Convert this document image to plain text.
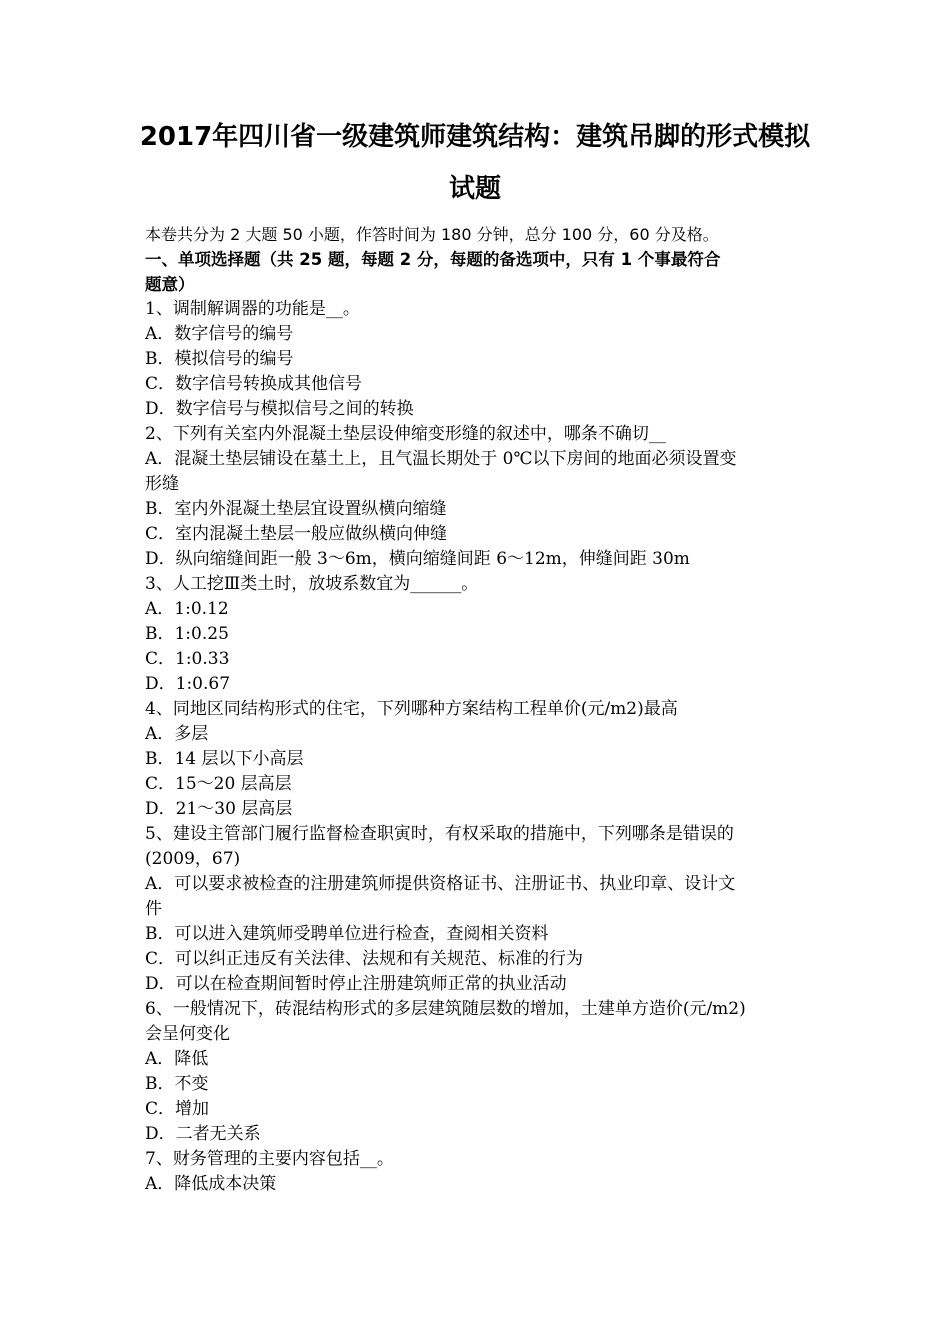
2017年四川省一级建筑师建筑结构：建筑吊脚的形式模拟
试题
本卷共分为 2 大题 50 小题，作答时间为 180 分钟，总分 100 分，60 分及格。
一、单项选择题（共 25 题，每题 2 分，每题的备选项中，只有 1 个事最符合
题意）
1、调制解调器的功能是__。
A．数字信号的编号
B．模拟信号的编号
C．数字信号转换成其他信号
D．数字信号与模拟信号之间的转换
2、下列有关室内外混凝土垫层设伸缩变形缝的叙述中，哪条不确切__
A．混凝土垫层铺设在墓土上，且气温长期处于 0℃以下房间的地面必须设置变
形缝
B．室内外混凝土垫层宜设置纵横向缩缝
C．室内混凝土垫层一般应做纵横向伸缝
D．纵向缩缝间距一般 3～6m，横向缩缝间距 6～12m，伸缝间距 30m
3、人工挖Ⅲ类土时，放坡系数宜为______。
A．1:0.12
B．1:0.25
C．1:0.33
D．1:0.67
4、同地区同结构形式的住宅，下列哪种方案结构工程单价(元/m2)最高
A．多层
B．14 层以下小高层
C．15～20 层高层
D．21～30 层高层
5、建设主管部门履行监督检查职寅时，有权采取的措施中，下列哪条是错误的
(2009，67)
A．可以要求被检查的注册建筑师提供资格证书、注册证书、执业印章、设计文
件
B．可以进入建筑师受聘单位进行检查，查阅相关资料
C．可以纠正违反有关法律、法规和有关规范、标准的行为
D．可以在检查期间暂时停止注册建筑师正常的执业活动
6、一般情况下，砖混结构形式的多层建筑随层数的增加，土建单方造价(元/m2)
会呈何变化
A．降低
B．不变
C．增加
D．二者无关系
7、财务管理的主要内容包括__。
A．降低成本决策
